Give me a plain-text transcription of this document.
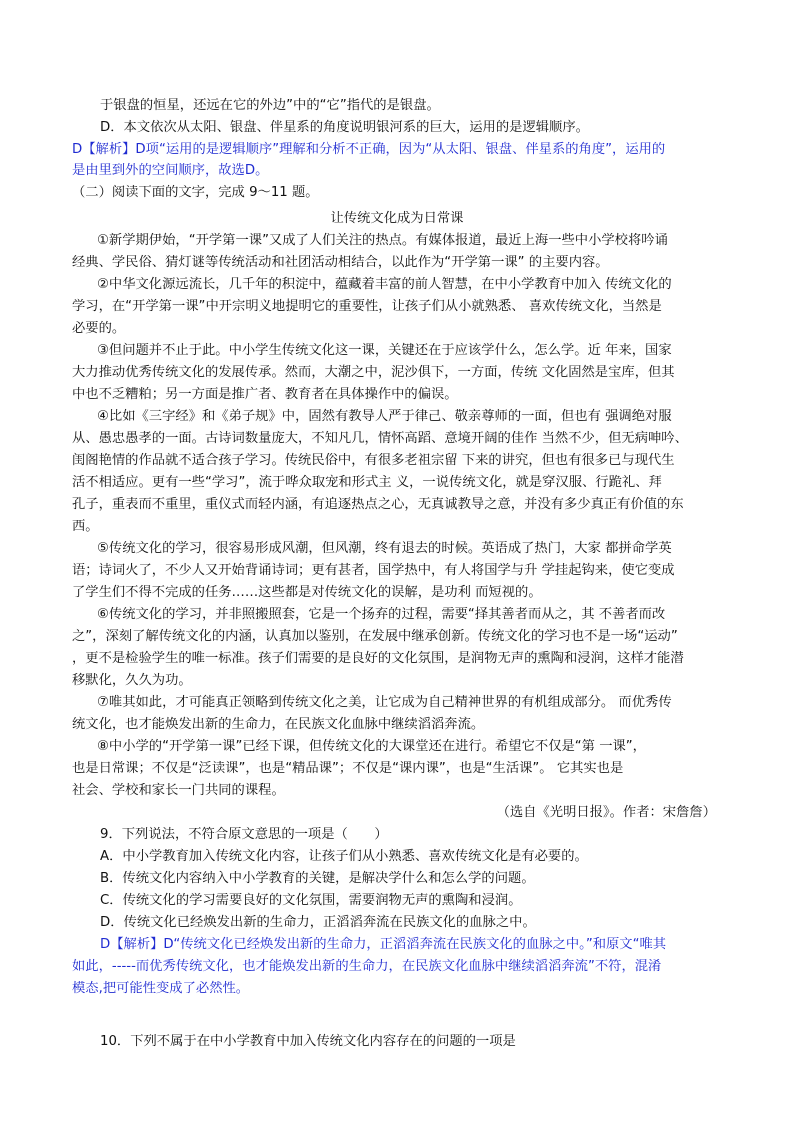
于银盘的恒星，还远在它的外边”中的“它”指代的是银盘。
D．本文依次从太阳、银盘、伴星系的角度说明银河系的巨大，运用的是逻辑顺序。
D【解析】D项“运用的是逻辑顺序”理解和分析不正确，因为“从太阳、银盘、伴星系的角度”，运用的
是由里到外的空间顺序，故选D。
（二）阅读下面的文字，完成 9～11 题。
让传统文化成为日常课
①新学期伊始，“开学第一课”又成了人们关注的热点。有媒体报道，最近上海一些中小学校将吟诵
经典、学民俗、猜灯谜等传统活动和社团活动相结合，以此作为“开学第一课” 的主要内容。
②中华文化源远流长，几千年的积淀中，蕴藏着丰富的前人智慧，在中小学教育中加入 传统文化的
学习，在“开学第一课”中开宗明义地提明它的重要性，让孩子们从小就熟悉、 喜欢传统文化，当然是
必要的。
③但问题并不止于此。中小学生传统文化这一课，关键还在于应该学什么，怎么学。近 年来，国家
大力推动优秀传统文化的发展传承。然而，大潮之中，泥沙俱下，一方面，传统 文化固然是宝库，但其
中也不乏糟粕；另一方面是推广者、教育者在具体操作中的偏误。
④比如《三字经》和《弟子规》中，固然有教导人严于律己、敬亲尊师的一面，但也有 强调绝对服
从、愚忠愚孝的一面。古诗词数量庞大，不知凡几，情怀高蹈、意境开阔的佳作 当然不少，但无病呻吟、
闺阁艳情的作品就不适合孩子学习。传统民俗中，有很多老祖宗留 下来的讲究，但也有很多已与现代生
活不相适应。更有一些“学习”，流于哗众取宠和形式主 义，一说传统文化，就是穿汉服、行跪礼、拜
孔子，重表而不重里，重仪式而轻内涵，有追逐热点之心，无真诚教导之意，并没有多少真正有价值的东
西。
⑤传统文化的学习，很容易形成风潮，但风潮，终有退去的时候。英语成了热门，大家 都拼命学英
语；诗词火了，不少人又开始背诵诗词；更有甚者，国学热中，有人将国学与升 学挂起钩来，使它变成
了学生们不得不完成的任务……这些都是对传统文化的误解，是功利 而短视的。
⑥传统文化的学习，并非照搬照套，它是一个扬弃的过程，需要“择其善者而从之，其 不善者而改
之”，深刻了解传统文化的内涵，认真加以鉴别，在发展中继承创新。传统文化的学习也不是一场“运动”
，更不是检验学生的唯一标准。孩子们需要的是良好的文化氛围，是润物无声的熏陶和浸润，这样才能潜
移默化，久久为功。
⑦唯其如此，才可能真正领略到传统文化之美，让它成为自己精神世界的有机组成部分。 而优秀传
统文化，也才能焕发出新的生命力，在民族文化血脉中继续滔滔奔流。
⑧中小学的“开学第一课”已经下课，但传统文化的大课堂还在进行。希望它不仅是“第 一课”，
也是日常课；不仅是“泛读课”，也是“精品课”；不仅是“课内课”，也是“生活课”。 它其实也是
社会、学校和家长一门共同的课程。
（选自《光明日报》。作者：宋詹詹）
9．下列说法，不符合原文意思的一项是（　　）
A．中小学教育加入传统文化内容，让孩子们从小熟悉、喜欢传统文化是有必要的。
B．传统文化内容纳入中小学教育的关键，是解决学什么和怎么学的问题。
C．传统文化的学习需要良好的文化氛围，需要润物无声的熏陶和浸润。
D．传统文化已经焕发出新的生命力，正滔滔奔流在民族文化的血脉之中。
D【解析】D“传统文化已经焕发出新的生命力，正滔滔奔流在民族文化的血脉之中。”和原文“唯其
如此，-----而优秀传统文化，也才能焕发出新的生命力，在民族文化血脉中继续滔滔奔流”不符，混淆
模态,把可能性变成了必然性。
10．下列不属于在中小学教育中加入传统文化内容存在的问题的一项是
